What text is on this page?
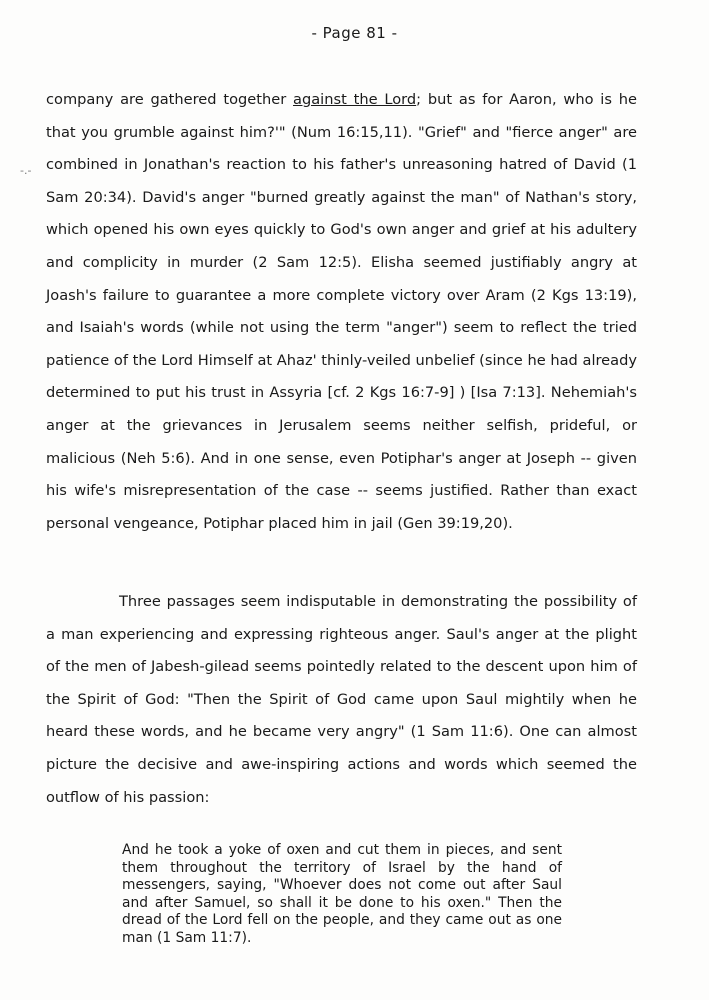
-.-
- Page 81 -

company are gathered together against the Lord; but as for Aaron, who is he that you grumble against him?'" (Num 16:15,11). "Grief" and "fierce anger" are combined in Jonathan's reaction to his father's unreasoning hatred of David (1 Sam 20:34). David's anger "burned greatly against the man" of Nathan's story, which opened his own eyes quickly to God's own anger and grief at his adultery and complicity in murder (2 Sam 12:5). Elisha seemed justifiably angry at Joash's failure to guarantee a more complete victory over Aram (2 Kgs 13:19), and Isaiah's words (while not using the term "anger") seem to reflect the tried patience of the Lord Himself at Ahaz' thinly-veiled unbelief (since he had already determined to put his trust in Assyria [cf. 2 Kgs 16:7-9] ) [Isa 7:13]. Nehemiah's anger at the grievances in Jerusalem seems neither selfish, prideful, or malicious (Neh 5:6). And in one sense, even Potiphar's anger at Joseph -- given his wife's misrepresentation of the case -- seems justified. Rather than exact personal vengeance, Potiphar placed him in jail (Gen 39:19,20).

Three passages seem indisputable in demonstrating the possibility of a man experiencing and expressing righteous anger. Saul's anger at the plight of the men of Jabesh-gilead seems pointedly related to the descent upon him of the Spirit of God: "Then the Spirit of God came upon Saul mightily when he heard these words, and he became very angry" (1 Sam 11:6). One can almost picture the decisive and awe-inspiring actions and words which seemed the outflow of his passion:

And he took a yoke of oxen and cut them in pieces, and sent them throughout the territory of Israel by the hand of messengers, saying, "Whoever does not come out after Saul and after Samuel, so shall it be done to his oxen." Then the dread of the Lord fell on the people, and they came out as one man (1 Sam 11:7).
